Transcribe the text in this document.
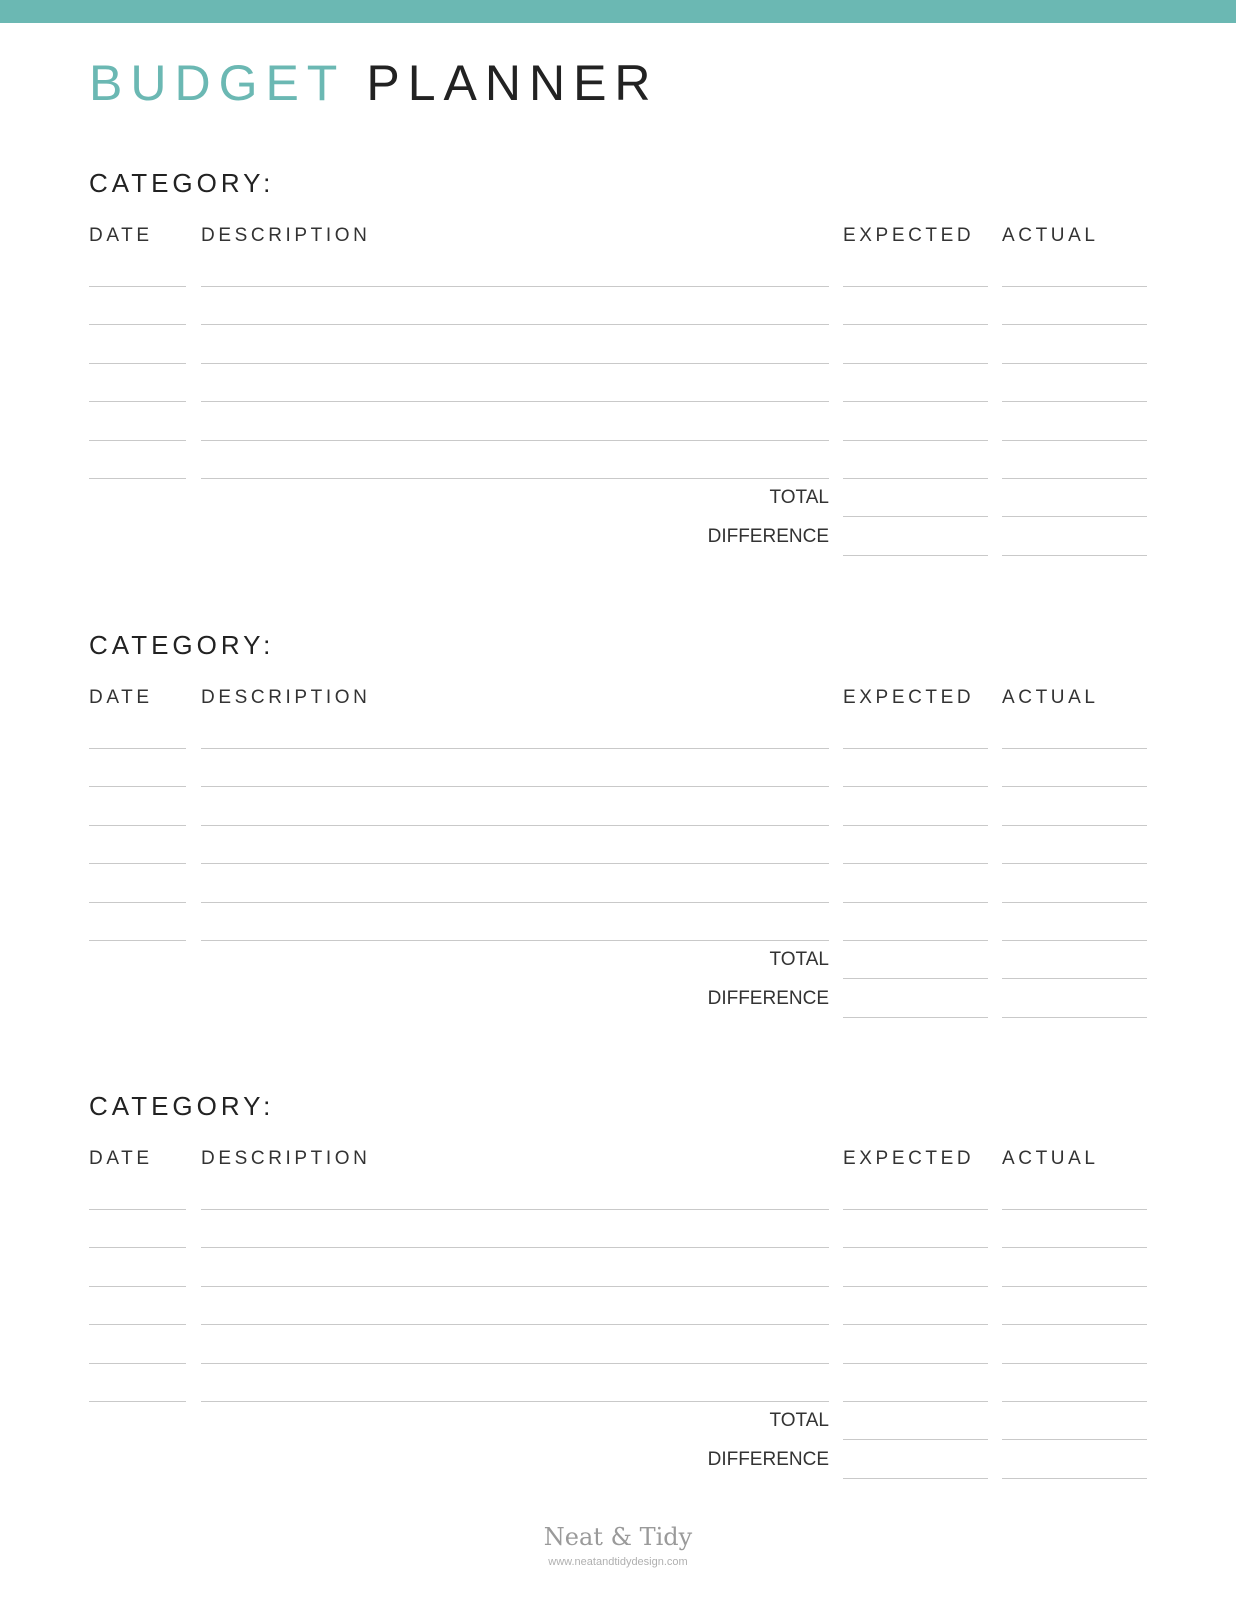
BUDGET PLANNER
CATEGORY:
DATE	DESCRIPTION	EXPECTED ACTUAL
TOTAL
DIFFERENCE
CATEGORY:
DATE	DESCRIPTION	EXPECTED ACTUAL
TOTAL
DIFFERENCE
CATEGORY:
DATE	DESCRIPTION	EXPECTED ACTUAL
TOTAL
DIFFERENCE
Neat & Tidy
www.neatandtidydesign.com
